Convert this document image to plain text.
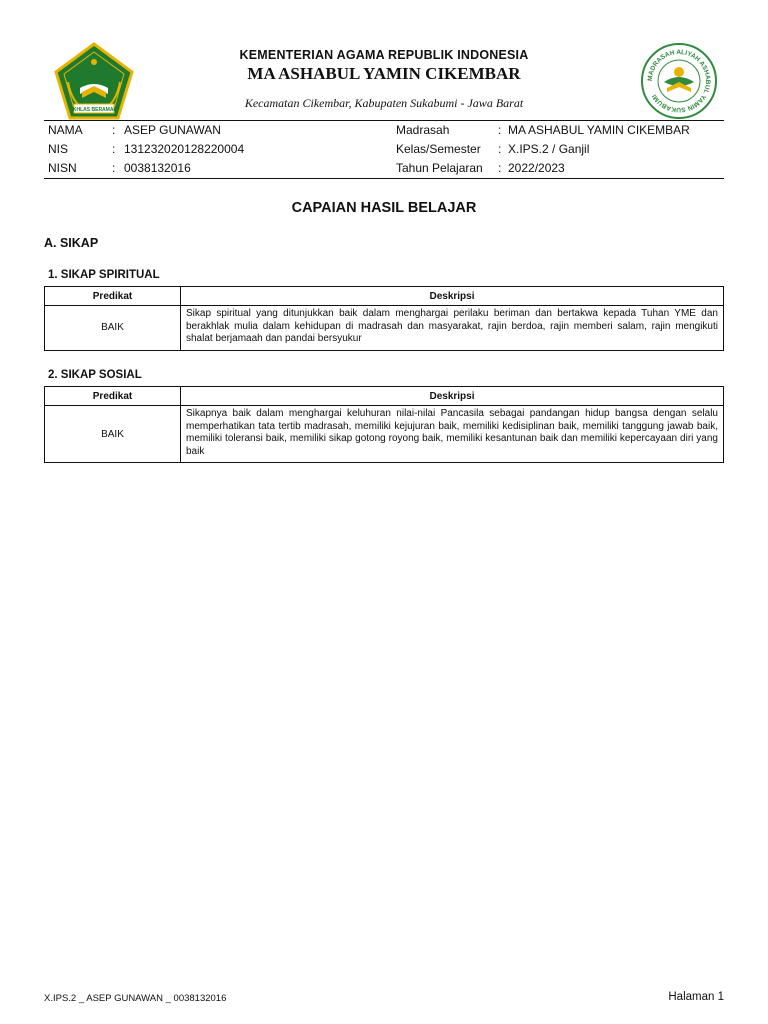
IKHLAS BERAMAL
KEMENTERIAN AGAMA REPUBLIK INDONESIA
MA ASHABUL YAMIN CIKEMBAR
Kecamatan Cikembar, Kabupaten Sukabumi - Jawa Barat
MADRASAH ALIYAH ASHABUL YAMIN SUKABUMI
NAMA : ASEP GUNAWAN	Madrasah	: MA ASHABUL YAMIN CIKEMBAR
NIS	: 131232020128220004	Kelas/Semester : X.IPS.2 / Ganjil
NISN	: 0038132016	Tahun Pelajaran : 2022/2023
CAPAIAN HASIL BELAJAR
A. SIKAP
1. SIKAP SPIRITUAL
Predikat	Deskripsi
BAIK	Sikap spiritual yang ditunjukkan baik dalam menghargai perilaku beriman dan bertakwa kepada Tuhan YME dan berakhlak mulia dalam kehidupan di madrasah dan masyarakat, rajin berdoa, rajin memberi salam, rajin mengikuti shalat berjamaah dan pandai bersyukur
2. SIKAP SOSIAL
Predikat	Deskripsi
BAIK	Sikapnya baik dalam menghargai keluhuran nilai-nilai Pancasila sebagai pandangan hidup bangsa dengan selalu memperhatikan tata tertib madrasah, memiliki kejujuran baik, memiliki kedisiplinan baik, memiliki tanggung jawab baik, memiliki toleransi baik, memiliki sikap gotong royong baik, memiliki kesantunan baik dan memiliki kepercayaan diri yang baik
X.IPS.2 _ ASEP GUNAWAN _ 0038132016	Halaman 1
